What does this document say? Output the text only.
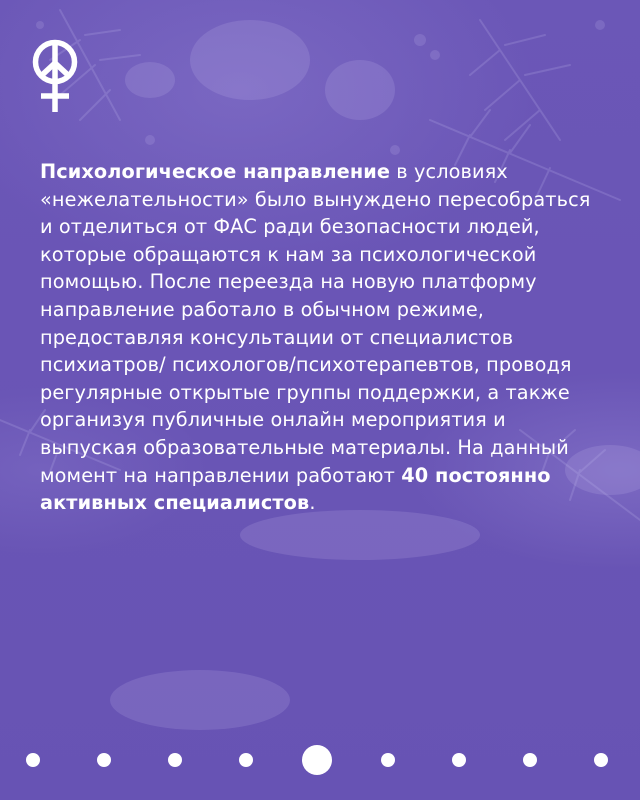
Психологическое направление в условиях «нежелательности» было вынуждено пересобраться и отделиться от ФАС ради безопасности людей, которые обращаются к нам за психологической помощью. После переезда на новую платформу направление работало в обычном режиме, предоставляя консультации от специалистов психиатров/ психологов/психотерапевтов, проводя регулярные открытые группы поддержки, а также организуя публичные онлайн мероприятия и выпуская образовательные материалы. На данный момент на направлении работают 40 постоянно активных специалистов.
